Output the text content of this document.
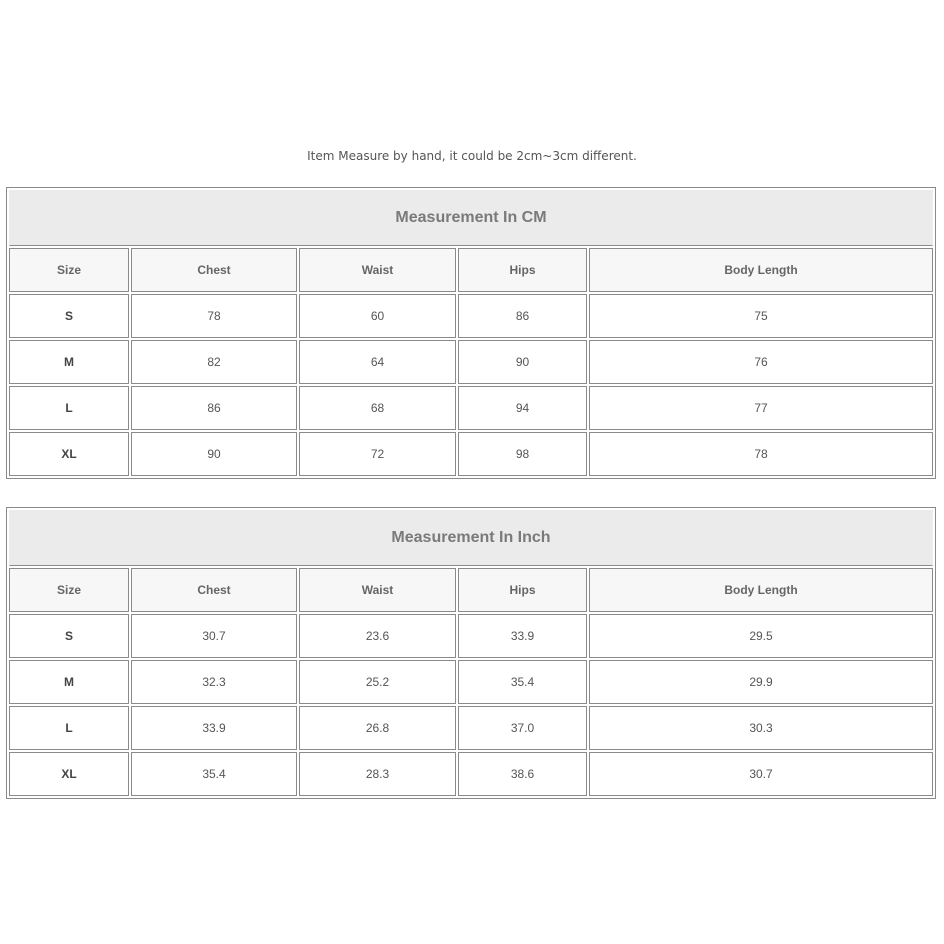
Item Measure by hand, it could be 2cm~3cm different.
Measurement In CM				
Size	Chest	Waist	Hips	Body Length
S	78	60	86	75
M	82	64	90	76
L	86	68	94	77
XL	90	72	98	78
Measurement In Inch				
Size	Chest	Waist	Hips	Body Length
S	30.7	23.6	33.9	29.5
M	32.3	25.2	35.4	29.9
L	33.9	26.8	37.0	30.3
XL	35.4	28.3	38.6	30.7
